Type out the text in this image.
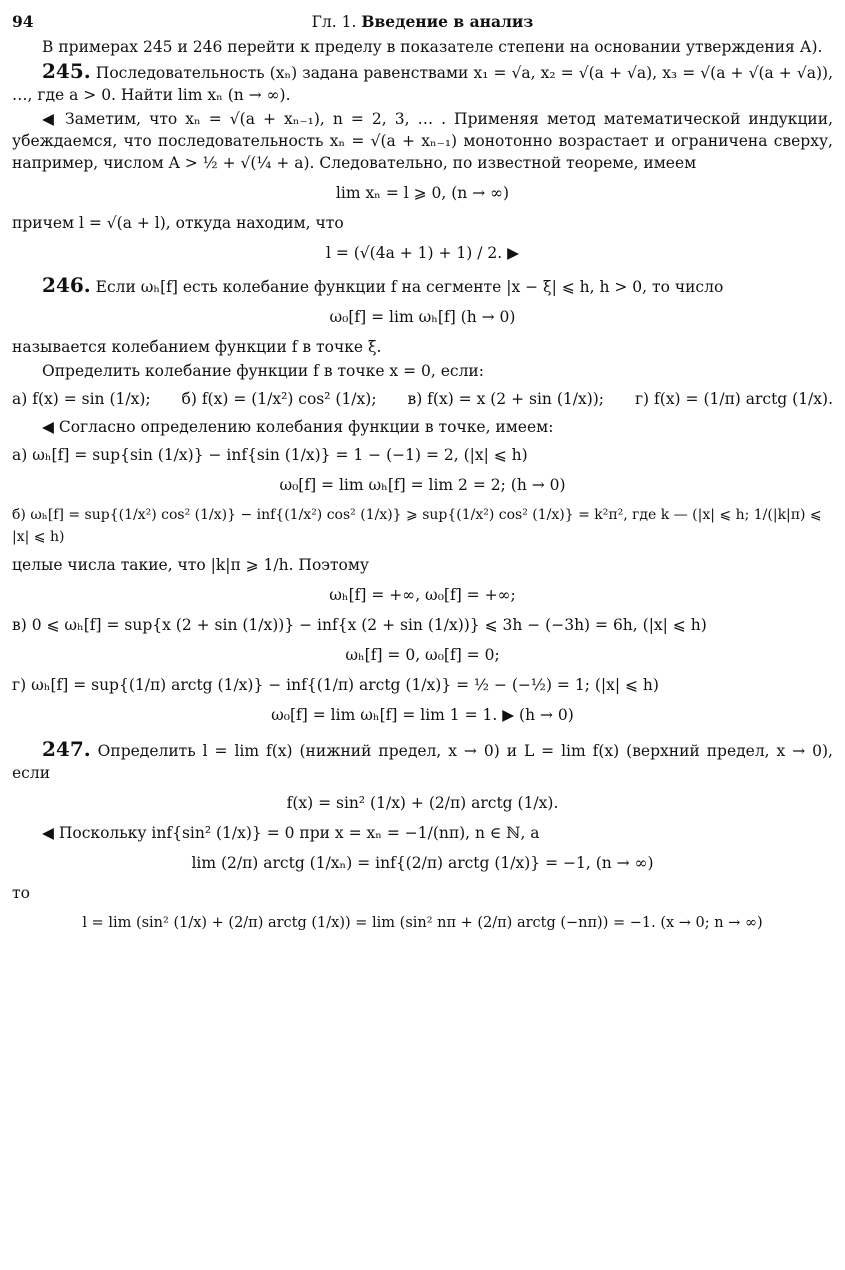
94	Гл. 1. Введение в анализ

В примерах 245 и 246 перейти к пределу в показателе степени на основании утверждения А).

245. Последовательность (xₙ) задана равенствами x₁ = √a, x₂ = √(a + √a), x₃ = √(a + √(a + √a)), …, где a > 0. Найти lim xₙ (n → ∞).

◀ Заметим, что xₙ = √(a + xₙ₋₁), n = 2, 3, … . Применяя метод математической индукции, убеждаемся, что последовательность xₙ = √(a + xₙ₋₁) монотонно возрастает и ограничена сверху, например, числом A > ½ + √(¼ + a). Следовательно, по известной теореме, имеем

lim xₙ = l ⩾ 0, (n → ∞)

причем l = √(a + l), откуда находим, что

l = (√(4a + 1) + 1) / 2. ▶

246. Если ωₕ[f] есть колебание функции f на сегменте |x − ξ| ⩽ h, h > 0, то число

ω₀[f] = lim ωₕ[f] (h → 0)

называется колебанием функции f в точке ξ.

Определить колебание функции f в точке x = 0, если:

а) f(x) = sin (1/x); б) f(x) = (1/x²) cos² (1/x); в) f(x) = x (2 + sin (1/x)); г) f(x) = (1/π) arctg (1/x).

◀ Согласно определению колебания функции в точке, имеем:

а) ωₕ[f] = sup{sin (1/x)} − inf{sin (1/x)} = 1 − (−1) = 2, (|x| ⩽ h)
ω₀[f] = lim ωₕ[f] = lim 2 = 2; (h → 0)
б) ωₕ[f] = sup{(1/x²) cos² (1/x)} − inf{(1/x²) cos² (1/x)} ⩾ sup{(1/x²) cos² (1/x)} = k²π², где k — (|x| ⩽ h; 1/(|k|π) ⩽ |x| ⩽ h)

целые числа такие, что |k|π ⩾ 1/h. Поэтому

ωₕ[f] = +∞, ω₀[f] = +∞;
в) 0 ⩽ ωₕ[f] = sup{x (2 + sin (1/x))} − inf{x (2 + sin (1/x))} ⩽ 3h − (−3h) = 6h, (|x| ⩽ h)
ωₕ[f] = 0, ω₀[f] = 0;
г) ωₕ[f] = sup{(1/π) arctg (1/x)} − inf{(1/π) arctg (1/x)} = ½ − (−½) = 1; (|x| ⩽ h)
ω₀[f] = lim ωₕ[f] = lim 1 = 1. ▶ (h → 0)

247. Определить l = lim f(x) (нижний предел, x → 0) и L = lim f(x) (верхний предел, x → 0), если

f(x) = sin² (1/x) + (2/π) arctg (1/x).

◀ Поскольку inf{sin² (1/x)} = 0 при x = xₙ = −1/(nπ), n ∈ ℕ, а

lim (2/π) arctg (1/xₙ) = inf{(2/π) arctg (1/x)} = −1, (n → ∞)

то

l = lim (sin² (1/x) + (2/π) arctg (1/x)) = lim (sin² nπ + (2/π) arctg (−nπ)) = −1. (x → 0; n → ∞)
